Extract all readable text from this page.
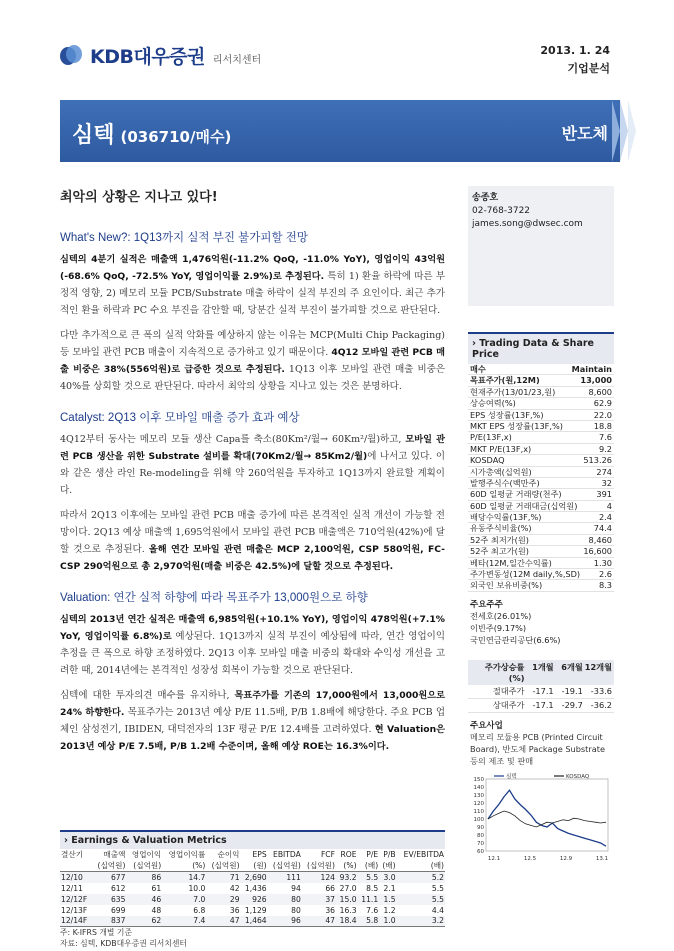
KDB대우증권 리서치센터
2013. 1. 24
기업분석
심텍 (036710/매수)	반도체
최악의 상황은 지나고 있다!
What's New?: 1Q13까지 실적 부진 불가피할 전망

심텍의 4분기 실적은 매출액 1,476억원(-11.2% QoQ, -11.0% YoY), 영업이익 43억원(-68.6% QoQ, -72.5% YoY, 영업이익률 2.9%)로 추정된다. 특히 1) 환율 하락에 따른 부정적 영향, 2) 메모리 모듈 PCB/Substrate 매출 하락이 실적 부진의 주 요인이다. 최근 추가적인 환율 하락과 PC 수요 부진을 감안할 때, 당분간 실적 부진이 불가피할 것으로 판단된다.

다만 추가적으로 큰 폭의 실적 악화를 예상하지 않는 이유는 MCP(Multi Chip Packaging) 등 모바일 관련 PCB 매출이 지속적으로 증가하고 있기 때문이다. 4Q12 모바일 관련 PCB 매출 비중은 38%(556억원)로 급증한 것으로 추정된다. 1Q13 이후 모바일 관련 매출 비중은 40%를 상회할 것으로 판단된다. 따라서 최악의 상황을 지나고 있는 것은 분명하다.

Catalyst: 2Q13 이후 모바일 매출 증가 효과 예상

4Q12부터 동사는 메모리 모듈 생산 Capa를 축소(80Km²/월→ 60Km²/월)하고, 모바일 관련 PCB 생산을 위한 Substrate 설비를 확대(70Km2/월→ 85Km2/월)에 나서고 있다. 이와 같은 생산 라인 Re-modeling을 위해 약 260억원을 투자하고 1Q13까지 완료할 계획이다.

따라서 2Q13 이후에는 모바일 관련 PCB 매출 증가에 따른 본격적인 실적 개선이 가능할 전망이다. 2Q13 예상 매출액 1,695억원에서 모바일 관련 PCB 매출액은 710억원(42%)에 달할 것으로 추정된다. 올해 연간 모바일 관련 매출은 MCP 2,100억원, CSP 580억원, FC-CSP 290억원으로 총 2,970억원(매출 비중은 42.5%)에 달할 것으로 추정된다.

Valuation: 연간 실적 하향에 따라 목표주가 13,000원으로 하향

심텍의 2013년 연간 실적은 매출액 6,985억원(+10.1% YoY), 영업이익 478억원(+7.1% YoY, 영업이익률 6.8%)로 예상된다. 1Q13까지 실적 부진이 예상됨에 따라, 연간 영업이익 추정을 큰 폭으로 하향 조정하였다. 2Q13 이후 모바일 매출 비중의 확대와 수익성 개선을 고려한 때, 2014년에는 본격적인 성장성 회복이 가능할 것으로 판단된다.

심텍에 대한 투자의견 매수를 유지하나, 목표주가를 기존의 17,000원에서 13,000원으로 24% 하향한다. 목표주가는 2013년 예상 P/E 11.5배, P/B 1.8배에 해당한다. 주요 PCB 업체인 삼성전기, IBIDEN, 대덕전자의 13F 평균 P/E 12.4배를 고려하였다. 현 Valuation은 2013년 예상 P/E 7.5배, P/B 1.2배 수준이며, 올해 예상 ROE는 16.3%이다.

송종호
02-768-3722
james.song@dwsec.com
› Trading Data & Share Price
매수	Maintain
목표주가(원,12M)	13,000
현재주가(13/01/23,원)	8,600
상승여력(%)	62.9
EPS 성장률(13F,%)	22.0
MKT EPS 성장률(13F,%)	18.8
P/E(13F,x)	7.6
MKT P/E(13F,x)	9.2
KOSDAQ	513.26
시가총액(십억원)	274
발행주식수(백만주)	32
60D 일평균 거래량(천주)	391
60D 일평균 거래대금(십억원)	4
배당수익률(13F,%)	2.4
유동주식비율(%)	74.4
52주 최저가(원)	8,460
52주 최고가(원)	16,600
베타(12M,일간수익률)	1.30
주가변동성(12M daily,%,SD) 2.6
외국인 보유비중(%)	8.3
주요주주
전세호(26.01%)
이빈주(9.17%)
국민연금관리공단(6.6%)
주가상승률(%)
1개월 6개월 12개월
절대주가 -17.1 -19.1 -33.6
상대주가 -17.1 -29.7 -36.2
주요사업
메모리 모듈용 PCB (Printed Circuit Board), 반도체 Package Substrate 등의 제조 및 판매
60
70
80
90
100
110
120
130
140
150
12.1	12.5	12.9	13.1
심텍	KOSDAQ
› Earnings & Valuation Metrics
결산기	매출액	영업이익	영업이익률	순이익	EPS	EBITDA	FCF	ROE	P/E	P/B	EV/EBITDA
	(십억원)	(십억원)	(%)	(십억원)	(원)	(십억원)	(십억원)	(%)	(배)	(배)	(배)
12/10	677	86	14.7	71	2,690	111	124	93.2	5.5	3.0	5.2
12/11	612	61	10.0	42	1,436	94	66	27.0	8.5	2.1	5.5
12/12F	635	46	7.0	29	926	80	37	15.0	11.1	1.5	5.5
12/13F	699	48	6.8	36	1,129	80	36	16.3	7.6	1.2	4.4
12/14F	837	62	7.4	47	1,464	96	47	18.4	5.8	1.0	3.2
주: K-IFRS 개별 기준
자료: 심텍, KDB대우증권 리서치센터
